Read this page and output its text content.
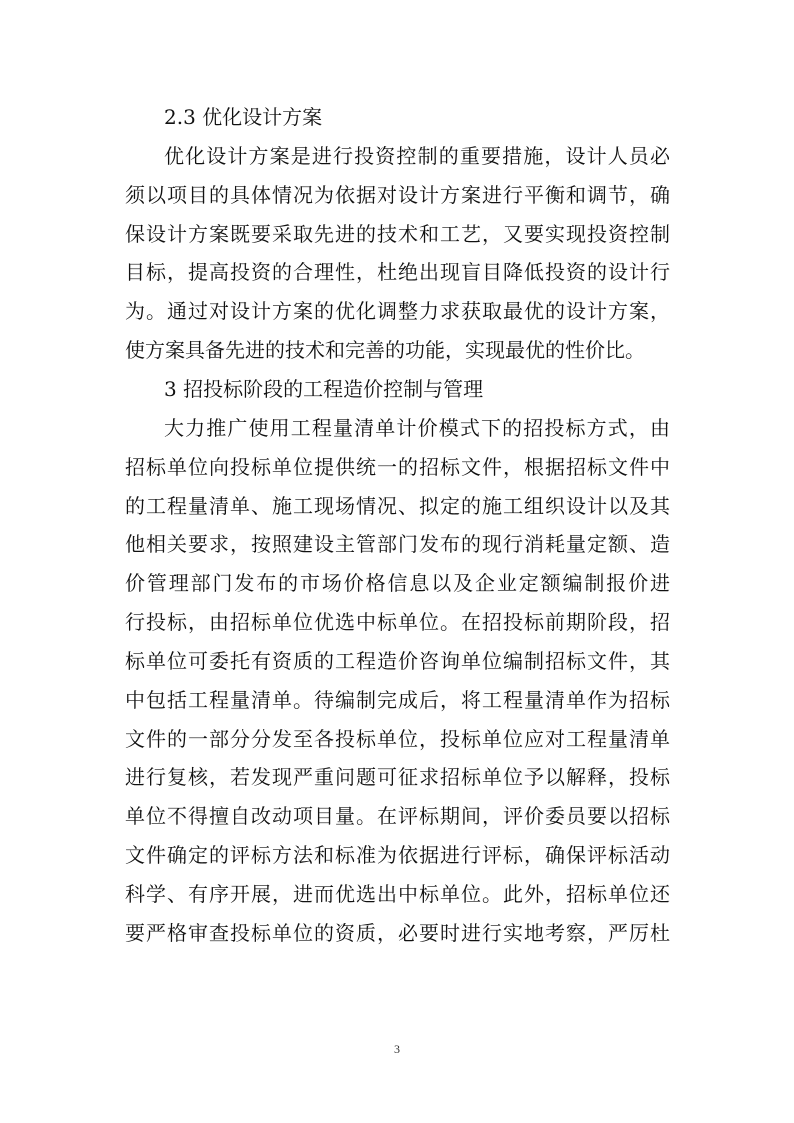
2.3 优化设计方案
优化设计方案是进行投资控制的重要措施，设计人员必
须以项目的具体情况为依据对设计方案进行平衡和调节，确
保设计方案既要采取先进的技术和工艺，又要实现投资控制
目标，提高投资的合理性，杜绝出现盲目降低投资的设计行
为。通过对设计方案的优化调整力求获取最优的设计方案，
使方案具备先进的技术和完善的功能，实现最优的性价比。
3 招投标阶段的工程造价控制与管理
大力推广使用工程量清单计价模式下的招投标方式，由
招标单位向投标单位提供统一的招标文件，根据招标文件中
的工程量清单、施工现场情况、拟定的施工组织设计以及其
他相关要求，按照建设主管部门发布的现行消耗量定额、造
价管理部门发布的市场价格信息以及企业定额编制报价进
行投标，由招标单位优选中标单位。在招投标前期阶段，招
标单位可委托有资质的工程造价咨询单位编制招标文件，其
中包括工程量清单。待编制完成后，将工程量清单作为招标
文件的一部分分发至各投标单位，投标单位应对工程量清单
进行复核，若发现严重问题可征求招标单位予以解释，投标
单位不得擅自改动项目量。在评标期间，评价委员要以招标
文件确定的评标方法和标准为依据进行评标，确保评标活动
科学、有序开展，进而优选出中标单位。此外，招标单位还
要严格审查投标单位的资质，必要时进行实地考察，严厉杜
3
